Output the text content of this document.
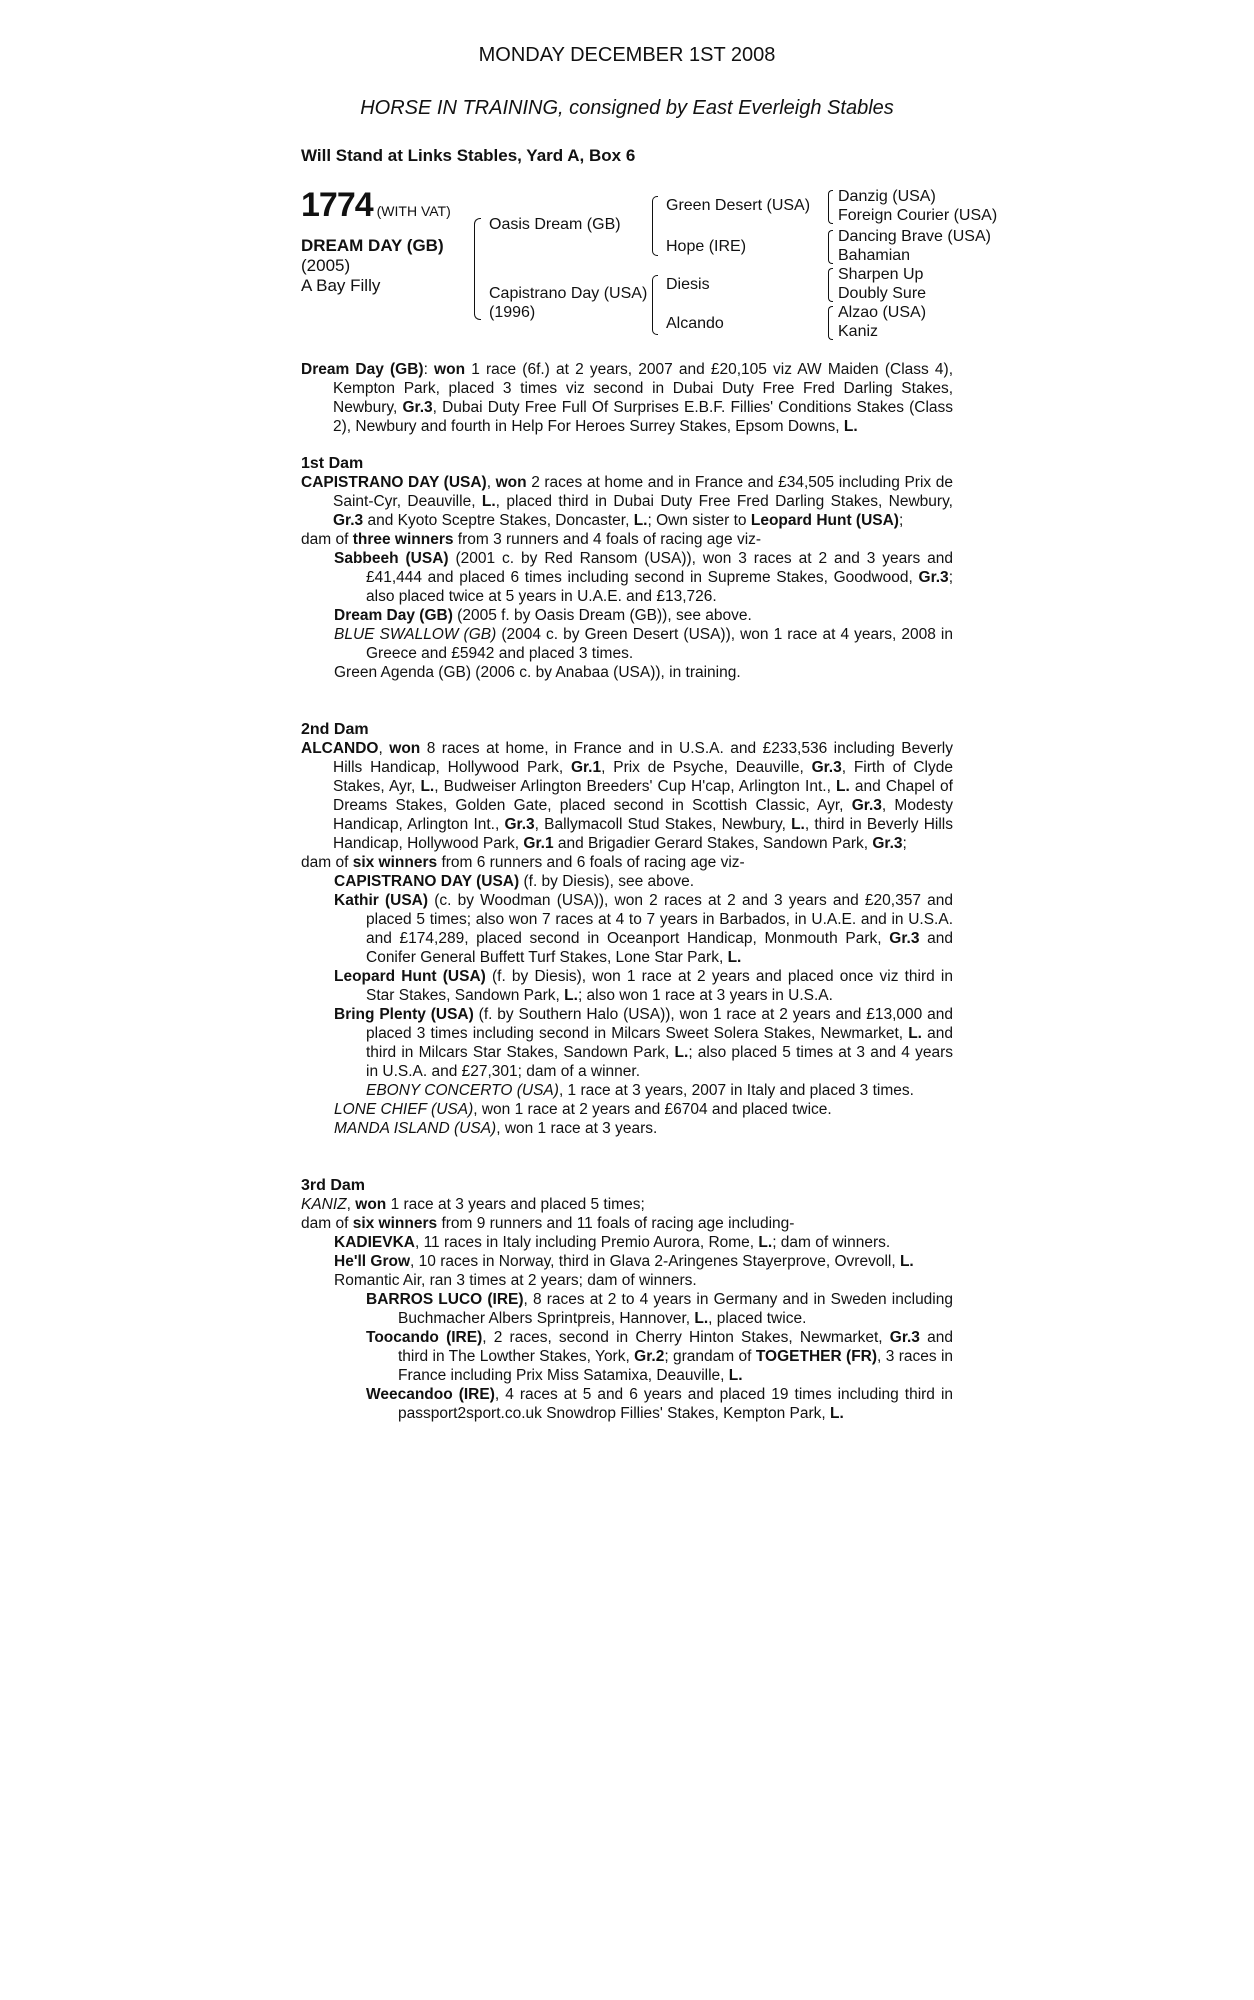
MONDAY DECEMBER 1ST 2008
HORSE IN TRAINING, consigned by East Everleigh Stables
Will Stand at Links Stables, Yard A, Box 6
1774 (WITH VAT)
DREAM DAY (GB)
(2005)
A Bay Filly
Oasis Dream (GB)
Capistrano Day (USA)
(1996)
Green Desert (USA)
Hope (IRE)
Diesis
Alcando
Danzig (USA)
Foreign Courier (USA)
Dancing Brave (USA)
Bahamian
Sharpen Up
Doubly Sure
Alzao (USA)
Kaniz

Dream Day (GB): won 1 race (6f.) at 2 years, 2007 and £20,105 viz AW Maiden (Class 4), Kempton Park, placed 3 times viz second in Dubai Duty Free Fred Darling Stakes, Newbury, Gr.3, Dubai Duty Free Full Of Surprises E.B.F. Fillies' Conditions Stakes (Class 2), Newbury and fourth in Help For Heroes Surrey Stakes, Epsom Downs, L.

1st Dam

CAPISTRANO DAY (USA), won 2 races at home and in France and £34,505 including Prix de Saint-Cyr, Deauville, L., placed third in Dubai Duty Free Fred Darling Stakes, Newbury, Gr.3 and Kyoto Sceptre Stakes, Doncaster, L.; Own sister to Leopard Hunt (USA);

dam of three winners from 3 runners and 4 foals of racing age viz-

Sabbeeh (USA) (2001 c. by Red Ransom (USA)), won 3 races at 2 and 3 years and £41,444 and placed 6 times including second in Supreme Stakes, Goodwood, Gr.3; also placed twice at 5 years in U.A.E. and £13,726.

Dream Day (GB) (2005 f. by Oasis Dream (GB)), see above.

BLUE SWALLOW (GB) (2004 c. by Green Desert (USA)), won 1 race at 4 years, 2008 in Greece and £5942 and placed 3 times.

Green Agenda (GB) (2006 c. by Anabaa (USA)), in training.

2nd Dam

ALCANDO, won 8 races at home, in France and in U.S.A. and £233,536 including Beverly Hills Handicap, Hollywood Park, Gr.1, Prix de Psyche, Deauville, Gr.3, Firth of Clyde Stakes, Ayr, L., Budweiser Arlington Breeders' Cup H'cap, Arlington Int., L. and Chapel of Dreams Stakes, Golden Gate, placed second in Scottish Classic, Ayr, Gr.3, Modesty Handicap, Arlington Int., Gr.3, Ballymacoll Stud Stakes, Newbury, L., third in Beverly Hills Handicap, Hollywood Park, Gr.1 and Brigadier Gerard Stakes, Sandown Park, Gr.3;

dam of six winners from 6 runners and 6 foals of racing age viz-

CAPISTRANO DAY (USA) (f. by Diesis), see above.

Kathir (USA) (c. by Woodman (USA)), won 2 races at 2 and 3 years and £20,357 and placed 5 times; also won 7 races at 4 to 7 years in Barbados, in U.A.E. and in U.S.A. and £174,289, placed second in Oceanport Handicap, Monmouth Park, Gr.3 and Conifer General Buffett Turf Stakes, Lone Star Park, L.

Leopard Hunt (USA) (f. by Diesis), won 1 race at 2 years and placed once viz third in Star Stakes, Sandown Park, L.; also won 1 race at 3 years in U.S.A.

Bring Plenty (USA) (f. by Southern Halo (USA)), won 1 race at 2 years and £13,000 and placed 3 times including second in Milcars Sweet Solera Stakes, Newmarket, L. and third in Milcars Star Stakes, Sandown Park, L.; also placed 5 times at 3 and 4 years in U.S.A. and £27,301; dam of a winner.

EBONY CONCERTO (USA), 1 race at 3 years, 2007 in Italy and placed 3 times.

LONE CHIEF (USA), won 1 race at 2 years and £6704 and placed twice.

MANDA ISLAND (USA), won 1 race at 3 years.

3rd Dam

KANIZ, won 1 race at 3 years and placed 5 times;

dam of six winners from 9 runners and 11 foals of racing age including-

KADIEVKA, 11 races in Italy including Premio Aurora, Rome, L.; dam of winners.

He'll Grow, 10 races in Norway, third in Glava 2-Aringenes Stayerprove, Ovrevoll, L.

Romantic Air, ran 3 times at 2 years; dam of winners.

BARROS LUCO (IRE), 8 races at 2 to 4 years in Germany and in Sweden including Buchmacher Albers Sprintpreis, Hannover, L., placed twice.

Toocando (IRE), 2 races, second in Cherry Hinton Stakes, Newmarket, Gr.3 and third in The Lowther Stakes, York, Gr.2; grandam of TOGETHER (FR), 3 races in France including Prix Miss Satamixa, Deauville, L.

Weecandoo (IRE), 4 races at 5 and 6 years and placed 19 times including third in passport2sport.co.uk Snowdrop Fillies' Stakes, Kempton Park, L.
